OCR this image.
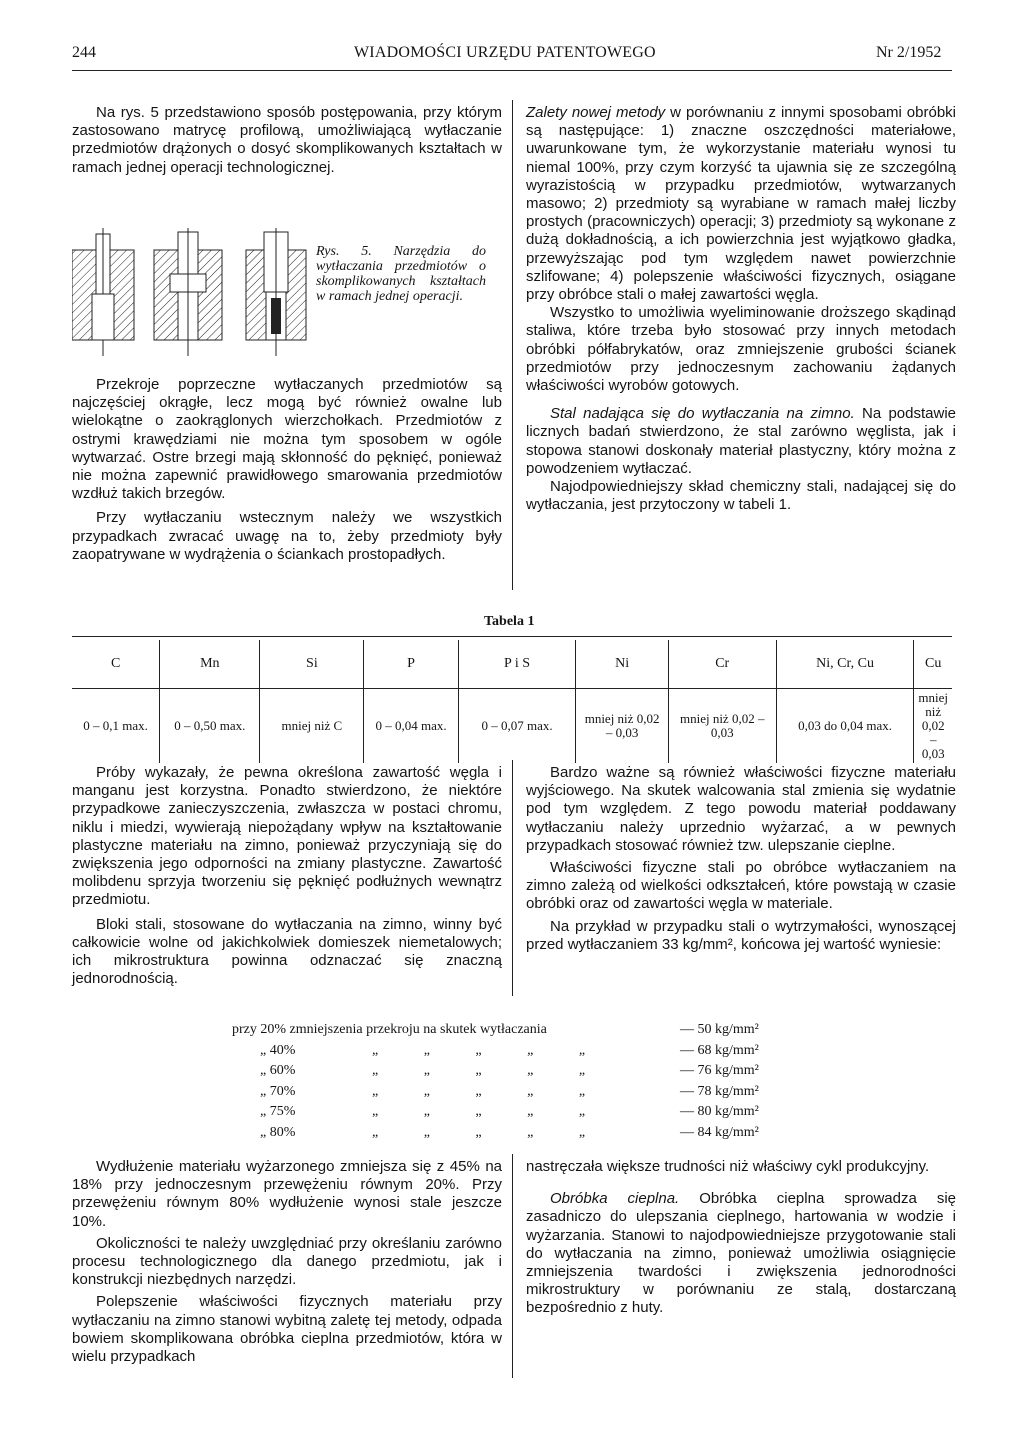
244	WIADOMOŚCI URZĘDU PATENTOWEGO	Nr 2/1952

Na rys. 5 przedstawiono sposób postępowania, przy którym zastosowano matrycę profilową, umożliwiającą wytłaczanie przedmiotów drążonych o dosyć skomplikowanych kształtach w ramach jednej operacji technologicznej.

Rys. 5. Narzędzia do wytłaczania przedmiotów o skomplikowanych kształtach w ramach jednej operacji.

Przekroje poprzeczne wytłaczanych przedmiotów są najczęściej okrągłe, lecz mogą być również owalne lub wielokątne o zaokrąglonych wierzchołkach. Przedmiotów z ostrymi krawędziami nie można tym sposobem w ogóle wytwarzać. Ostre brzegi mają skłonność do pęknięć, ponieważ nie można zapewnić prawidłowego smarowania przedmiotów wzdłuż takich brzegów.

Przy wytłaczaniu wstecznym należy we wszystkich przypadkach zwracać uwagę na to, żeby przedmioty były zaopatrywane w wydrążenia o ściankach prostopadłych.

Zalety nowej metody w porównaniu z innymi sposobami obróbki są następujące: 1) znaczne oszczędności materiałowe, uwarunkowane tym, że wykorzystanie materiału wynosi tu niemal 100%, przy czym korzyść ta ujawnia się ze szczególną wyrazistością w przypadku przedmiotów, wytwarzanych masowo; 2) przedmioty są wyrabiane w ramach małej liczby prostych (pracowniczych) operacji; 3) przedmioty są wykonane z dużą dokładnością, a ich powierzchnia jest wyjątkowo gładka, przewyższając pod tym względem nawet powierzchnie szlifowane; 4) polepszenie właściwości fizycznych, osiągane przy obróbce stali o małej zawartości węgla.

Wszystko to umożliwia wyeliminowanie droższego skądinąd staliwa, które trzeba było stosować przy innych metodach obróbki półfabrykatów, oraz zmniejszenie grubości ścianek przedmiotów przy jednoczesnym zachowaniu żądanych właściwości wyrobów gotowych.

Stal nadająca się do wytłaczania na zimno. Na podstawie licznych badań stwierdzono, że stal zarówno węglista, jak i stopowa stanowi doskonały materiał plastyczny, który można z powodzeniem wytłaczać.

Najodpowiedniejszy skład chemiczny stali, nadającej się do wytłaczania, jest przytoczony w tabeli 1.

Tabela 1
C	Mn	Si	P	P i S	Ni	Cr	Ni, Cr, Cu	Cu
0 – 0,1 max.	0 – 0,50 max.	mniej niż C	0 – 0,04 max.	0 – 0,07 max.	mniej niż 0,02 – 0,03	mniej niż 0,02 – 0,03	0,03 do 0,04 max.	mniej niż 0,02 – 0,03

Próby wykazały, że pewna określona zawartość węgla i manganu jest korzystna. Ponadto stwierdzono, że niektóre przypadkowe zanieczyszczenia, zwłaszcza w postaci chromu, niklu i miedzi, wywierają niepożądany wpływ na kształtowanie plastyczne materiału na zimno, ponieważ przyczyniają się do zwiększenia jego odporności na zmiany plastyczne. Zawartość molibdenu sprzyja tworzeniu się pęknięć podłużnych wewnątrz przedmiotu.

Bloki stali, stosowane do wytłaczania na zimno, winny być całkowicie wolne od jakichkolwiek domieszek niemetalowych; ich mikrostruktura powinna odznaczać się znaczną jednorodnością.

Bardzo ważne są również właściwości fizyczne materiału wyjściowego. Na skutek walcowania stal zmienia się wydatnie pod tym względem. Z tego powodu materiał poddawany wytłaczaniu należy uprzednio wyżarzać, a w pewnych przypadkach stosować również tzw. ulepszanie cieplne.

Właściwości fizyczne stali po obróbce wytłaczaniem na zimno zależą od wielkości odkształceń, które powstają w czasie obróbki oraz od zawartości węgla w materiale.

Na przykład w przypadku stali o wytrzymałości, wynoszącej przed wytłaczaniem 33 kg/mm², końcowa jej wartość wyniesie:

przy 20% zmniejszenia przekroju na skutek wytłaczania	— 50 kg/mm²
„ 40%	„ „ „ „ „	— 68 kg/mm²
„ 60%	„ „ „ „ „	— 76 kg/mm²
„ 70%	„ „ „ „ „	— 78 kg/mm²
„ 75%	„ „ „ „ „	— 80 kg/mm²
„ 80%	„ „ „ „ „	— 84 kg/mm²

Wydłużenie materiału wyżarzonego zmniejsza się z 45% na 18% przy jednoczesnym przewężeniu równym 20%. Przy przewężeniu równym 80% wydłużenie wynosi stale jeszcze 10%.

Okoliczności te należy uwzględniać przy określaniu zarówno procesu technologicznego dla danego przedmiotu, jak i konstrukcji niezbędnych narzędzi.

Polepszenie właściwości fizycznych materiału przy wytłaczaniu na zimno stanowi wybitną zaletę tej metody, odpada bowiem skomplikowana obróbka cieplna przedmiotów, która w wielu przypadkach

nastręczała większe trudności niż właściwy cykl produkcyjny.

Obróbka cieplna. Obróbka cieplna sprowadza się zasadniczo do ulepszania cieplnego, hartowania w wodzie i wyżarzania. Stanowi to najodpowiedniejsze przygotowanie stali do wytłaczania na zimno, ponieważ umożliwia osiągnięcie zmniejszenia twardości i zwiększenia jednorodności mikrostruktury w porównaniu ze stalą, dostarczaną bezpośrednio z huty.
